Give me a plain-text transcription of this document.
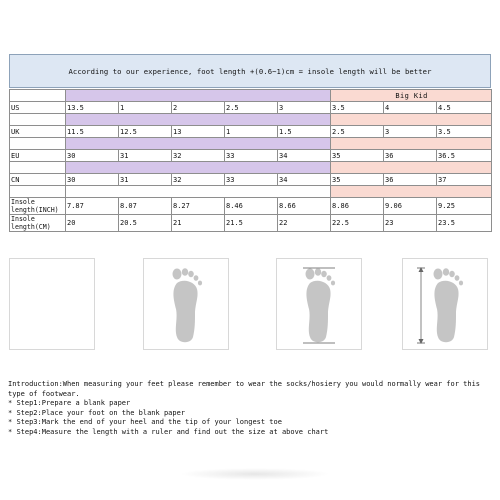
According to our experience, foot length +(0.6~1)cm = insole length will be better
						Big Kid		
US	13.5	1	2	2.5	3	3.5	4	4.5

UK	11.5	12.5	13	1	1.5	2.5	3	3.5

EU	30	31	32	33	34	35	36	36.5

CN	30	31	32	33	34	35	36	37

Insole length(INCH)	7.87	8.07	8.27	8.46	8.66	8.86	9.06	9.25
Insole length(CM)	20	20.5	21	21.5	22	22.5	23	23.5

Introduction:When measuring your feet please remember to wear the socks/hosiery you would normally wear for this type of footwear.

* Step1:Prepare a blank paper
* Step2:Place your foot on the blank paper
* Step3:Mark the end of your heel and the tip of your longest toe
* Step4:Measure the length with a ruler and find out the size at above chart
